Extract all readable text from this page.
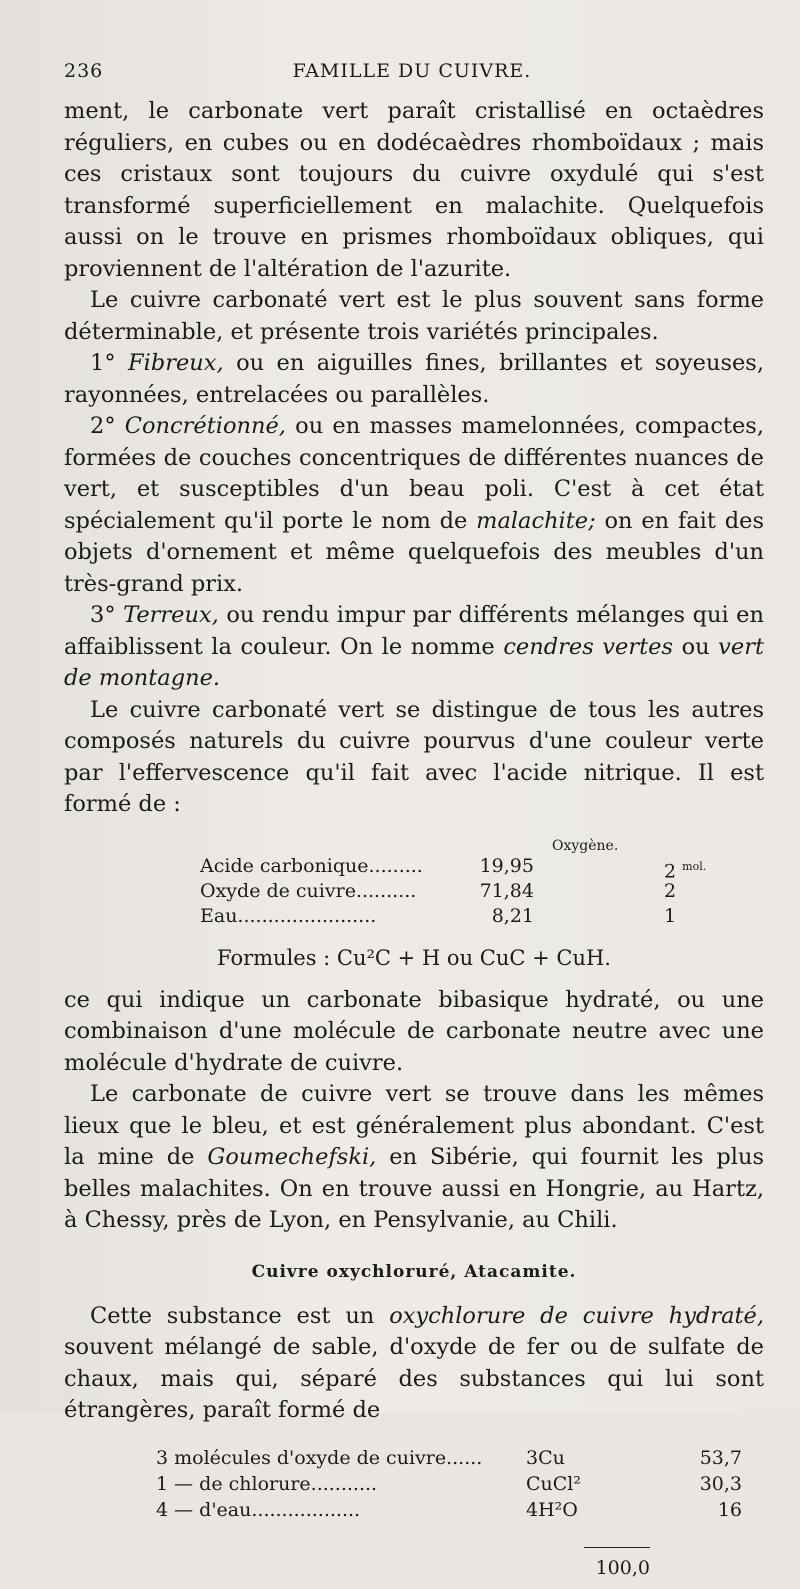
236	FAMILLE DU CUIVRE.

ment, le carbonate vert paraît cristallisé en octaèdres réguliers, en cubes ou en dodécaèdres rhomboïdaux ; mais ces cristaux sont toujours du cuivre oxydulé qui s'est transformé superficiellement en malachite. Quelquefois aussi on le trouve en prismes rhomboïdaux obliques, qui proviennent de l'altération de l'azurite.

Le cuivre carbonaté vert est le plus souvent sans forme déterminable, et présente trois variétés principales.

1° Fibreux, ou en aiguilles fines, brillantes et soyeuses, rayonnées, entrelacées ou parallèles.

2° Concrétionné, ou en masses mamelonnées, compactes, formées de couches concentriques de différentes nuances de vert, et susceptibles d'un beau poli. C'est à cet état spécialement qu'il porte le nom de malachite; on en fait des objets d'ornement et même quelquefois des meubles d'un très-grand prix.

3° Terreux, ou rendu impur par différents mélanges qui en affaiblissent la couleur. On le nomme cendres vertes ou vert de montagne.

Le cuivre carbonaté vert se distingue de tous les autres composés naturels du cuivre pourvus d'une couleur verte par l'effervescence qu'il fait avec l'acide nitrique. Il est formé de :

Oxygène.
Acide carbonique.........	19,95	2 $^{mol.}$
Oxyde de cuivre..........	71,84	2
Eau.......................	8,21	1
Formules : Cu²C + H ou CuC + CuH.

ce qui indique un carbonate bibasique hydraté, ou une combinaison d'une molécule de carbonate neutre avec une molécule d'hydrate de cuivre.

Le carbonate de cuivre vert se trouve dans les mêmes lieux que le bleu, et est généralement plus abondant. C'est la mine de Goumechefski, en Sibérie, qui fournit les plus belles malachites. On en trouve aussi en Hongrie, au Hartz, à Chessy, près de Lyon, en Pensylvanie, au Chili.

Cuivre oxychloruré, Atacamite.

Cette substance est un oxychlorure de cuivre hydraté, souvent mélangé de sable, d'oxyde de fer ou de sulfate de chaux, mais qui, séparé des substances qui lui sont étrangères, paraît formé de

3 molécules d'oxyde de cuivre...... 3Cu	53,7
1 — de chlorure...........	CuCl²	30,3
4 — d'eau..................	4H²O	16
100,0
